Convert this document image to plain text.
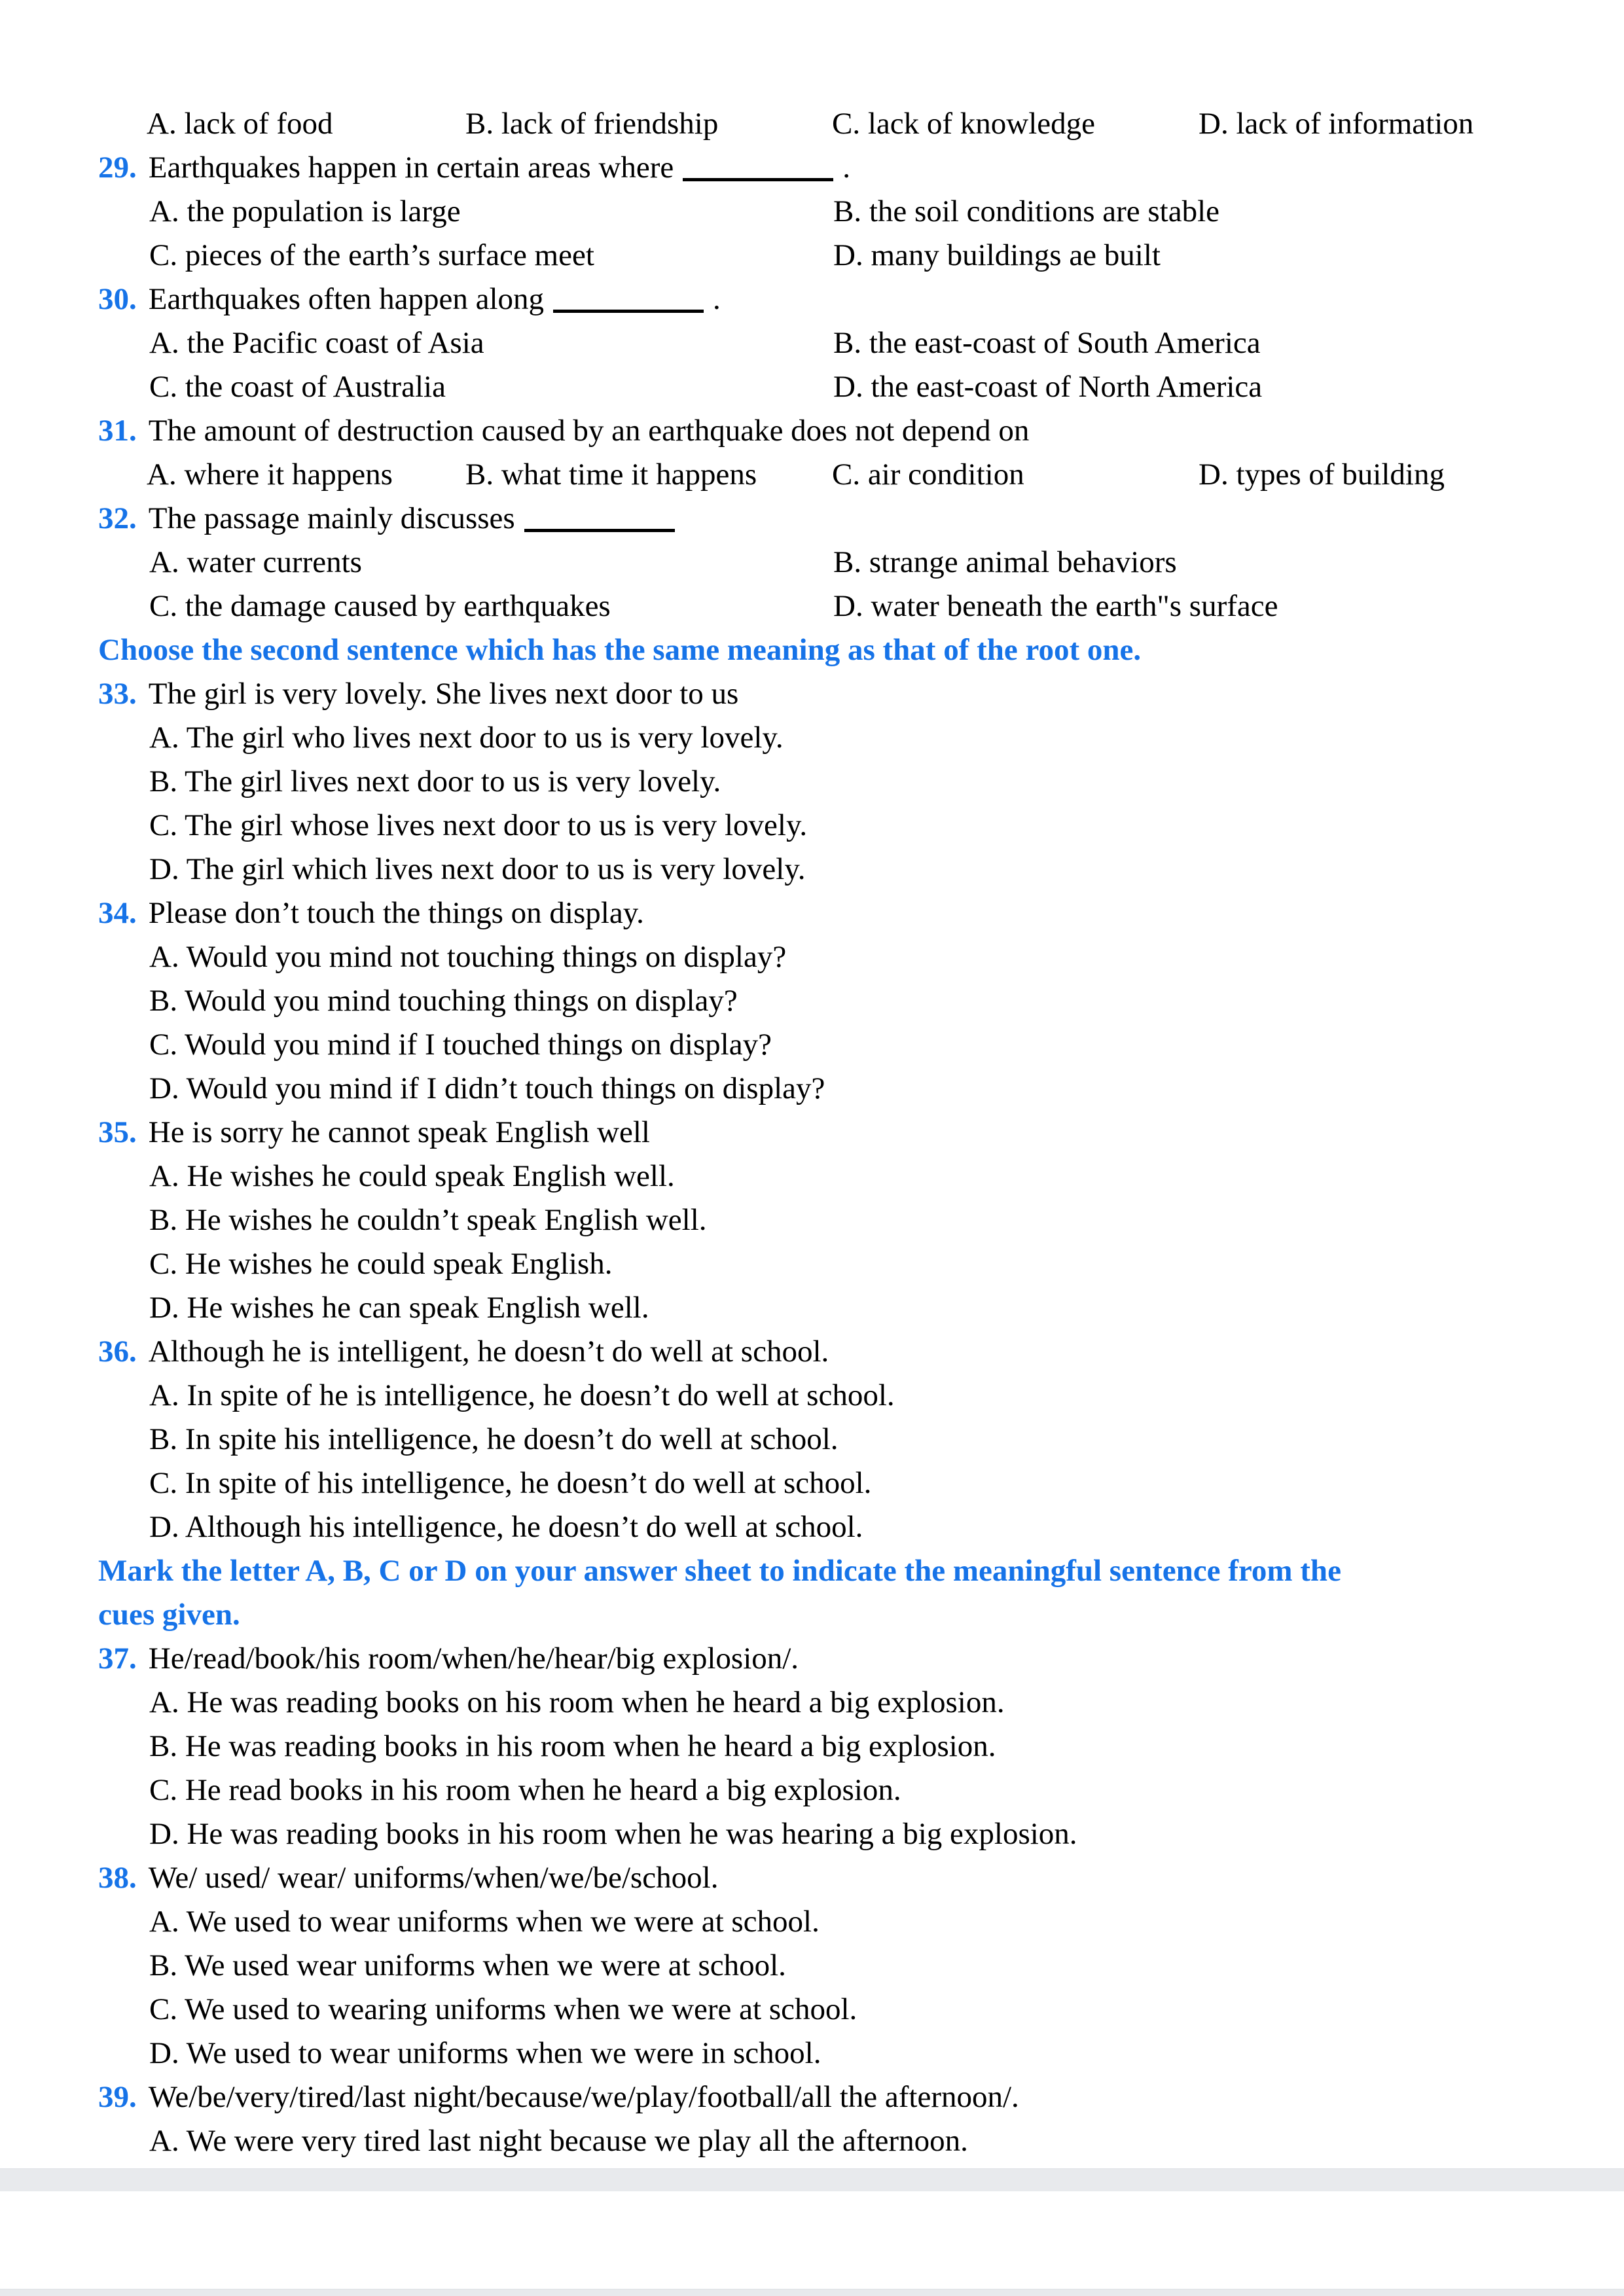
A. lack of food	B. lack of friendship	C. lack of knowledge	D. lack of information
29. Earthquakes happen in certain areas where	.
A. the population is large	B. the soil conditions are stable
C. pieces of the earth’s surface meet	D. many buildings ae built
30. Earthquakes often happen along	.
A. the Pacific coast of Asia	B. the east-coast of South America
C. the coast of Australia	D. the east-coast of North America
31. The amount of destruction caused by an earthquake does not depend on
A. where it happens B. what time it happens C. air condition	D. types of building
32. The passage mainly discusses
A. water currents	B. strange animal behaviors
C. the damage caused by earthquakes	D. water beneath the earth"s surface
Choose the second sentence which has the same meaning as that of the root one.
33. The girl is very lovely. She lives next door to us
A. The girl who lives next door to us is very lovely.
B. The girl lives next door to us is very lovely.
C. The girl whose lives next door to us is very lovely.
D. The girl which lives next door to us is very lovely.
34. Please don’t touch the things on display.
A. Would you mind not touching things on display?
B. Would you mind touching things on display?
C. Would you mind if I touched things on display?
D. Would you mind if I didn’t touch things on display?
35. He is sorry he cannot speak English well
A. He wishes he could speak English well.
B. He wishes he couldn’t speak English well.
C. He wishes he could speak English.
D. He wishes he can speak English well.
36. Although he is intelligent, he doesn’t do well at school.
A. In spite of he is intelligence, he doesn’t do well at school.
B. In spite his intelligence, he doesn’t do well at school.
C. In spite of his intelligence, he doesn’t do well at school.
D. Although his intelligence, he doesn’t do well at school.
Mark the letter A, B, C or D on your answer sheet to indicate the meaningful sentence from the
cues given.
37. He/read/book/his room/when/he/hear/big explosion/.
A. He was reading books on his room when he heard a big explosion.
B. He was reading books in his room when he heard a big explosion.
C. He read books in his room when he heard a big explosion.
D. He was reading books in his room when he was hearing a big explosion.
38. We/ used/ wear/ uniforms/when/we/be/school.
A. We used to wear uniforms when we were at school.
B. We used wear uniforms when we were at school.
C. We used to wearing uniforms when we were at school.
D. We used to wear uniforms when we were in school.
39. We/be/very/tired/last night/because/we/play/football/all the afternoon/.
A. We were very tired last night because we play all the afternoon.
